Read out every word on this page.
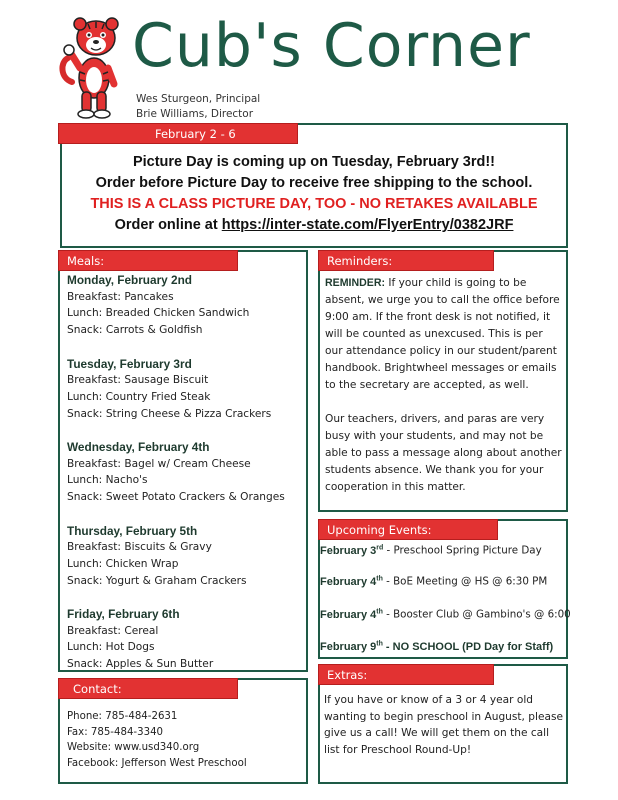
Cub's Corner
Wes Sturgeon, Principal
Brie Williams, Director
February 2 - 6
Picture Day is coming up on Tuesday, February 3rd!!
Order before Picture Day to receive free shipping to the school.
THIS IS A CLASS PICTURE DAY, TOO - NO RETAKES AVAILABLE
Order online at https://inter-state.com/FlyerEntry/0382JRF
Meals:
Monday, February 2nd
Breakfast: Pancakes
Lunch: Breaded Chicken Sandwich
Snack: Carrots & Goldfish
Tuesday, February 3rd
Breakfast: Sausage Biscuit
Lunch: Country Fried Steak
Snack: String Cheese & Pizza Crackers
Wednesday, February 4th
Breakfast: Bagel w/ Cream Cheese
Lunch: Nacho's
Snack: Sweet Potato Crackers & Oranges
Thursday, February 5th
Breakfast: Biscuits & Gravy
Lunch: Chicken Wrap
Snack: Yogurt & Graham Crackers
Friday, February 6th
Breakfast: Cereal
Lunch: Hot Dogs
Snack: Apples & Sun Butter
Reminders:
REMINDER: If your child is going to be absent, we urge you to call the office before 9:00 am. If the front desk is not notified, it will be counted as unexcused. This is per our attendance policy in our student/parent handbook. Brightwheel messages or emails to the secretary are accepted, as well.
Our teachers, drivers, and paras are very busy with your students, and may not be able to pass a message along about another students absence. We thank you for your cooperation in this matter.
Upcoming Events:
February 3rd - Preschool Spring Picture Day
February 4th - BoE Meeting @ HS @ 6:30 PM
February 4th - Booster Club @ Gambino's @ 6:00
February 9th - NO SCHOOL (PD Day for Staff)
Extras:
If you have or know of a 3 or 4 year old wanting to begin preschool in August, please give us a call! We will get them on the call list for Preschool Round-Up!
Contact:
Phone: 785-484-2631
Fax: 785-484-3340
Website: www.usd340.org
Facebook: Jefferson West Preschool
